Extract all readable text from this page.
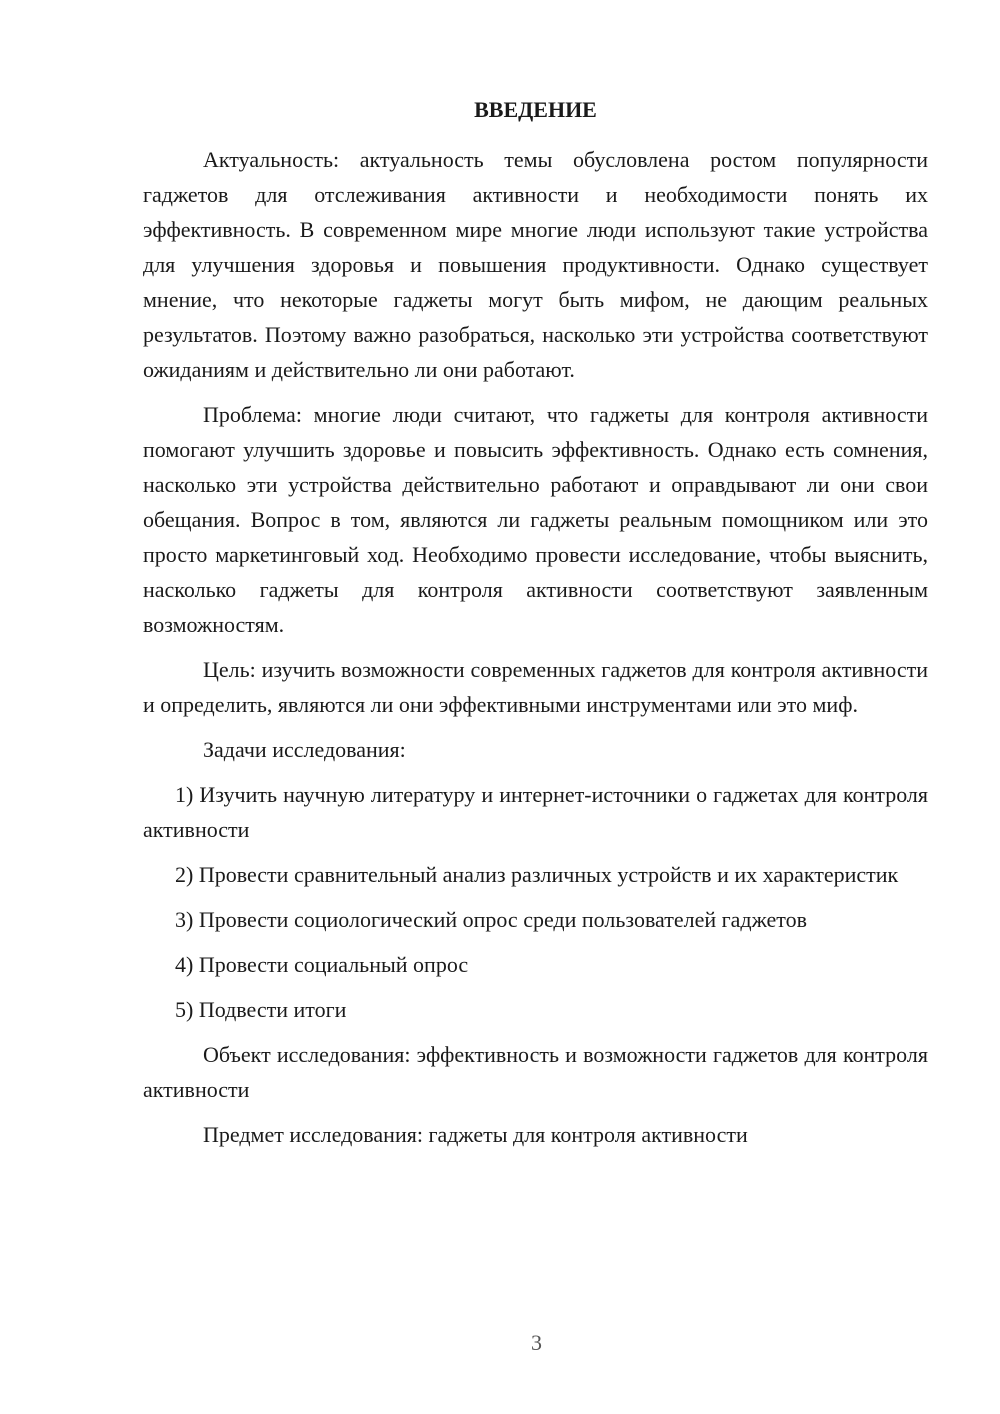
ВВЕДЕНИЕ

Актуальность: актуальность темы обусловлена ростом популярности гаджетов для отслеживания активности и необходимости понять их эффективность. В современном мире многие люди используют такие устройства для улучшения здоровья и повышения продуктивности. Однако существует мнение, что некоторые гаджеты могут быть мифом, не дающим реальных результатов. Поэтому важно разобраться, насколько эти устройства соответствуют ожиданиям и действительно ли они работают.

Проблема: многие люди считают, что гаджеты для контроля активности помогают улучшить здоровье и повысить эффективность. Однако есть сомнения, насколько эти устройства действительно работают и оправдывают ли они свои обещания. Вопрос в том, являются ли гаджеты реальным помощником или это просто маркетинговый ход. Необходимо провести исследование, чтобы выяснить, насколько гаджеты для контроля активности соответствуют заявленным возможностям.

Цель: изучить возможности современных гаджетов для контроля активности и определить, являются ли они эффективными инструментами или это миф.

Задачи исследования:

1) Изучить научную литературу и интернет-источники о гаджетах для контроля активности

2) Провести сравнительный анализ различных устройств и их характеристик

3) Провести социологический опрос среди пользователей гаджетов

4) Провести социальный опрос

5) Подвести итоги

Объект исследования: эффективность и возможности гаджетов для контроля активности

Предмет исследования: гаджеты для контроля активности

3
